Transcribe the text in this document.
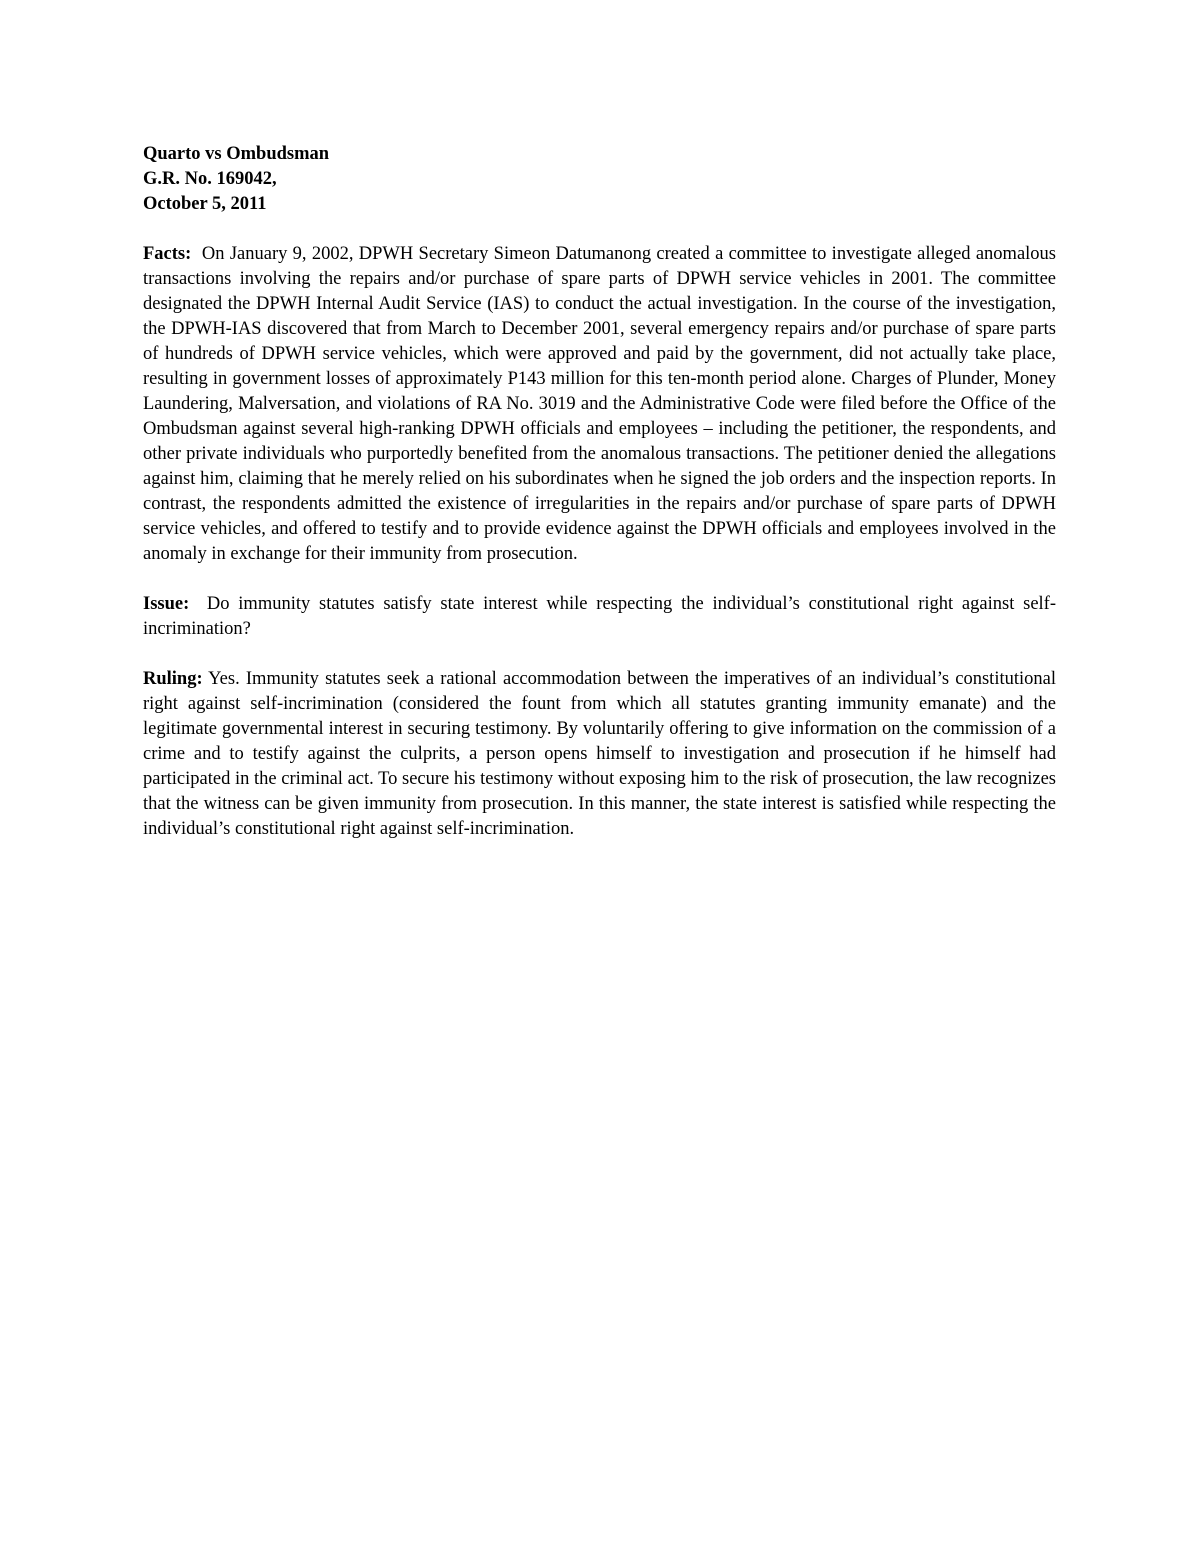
Quarto vs Ombudsman

G.R. No. 169042,

October 5, 2011

Facts: On January 9, 2002, DPWH Secretary Simeon Datumanong created a committee to investigate alleged anomalous transactions involving the repairs and/or purchase of spare parts of DPWH service vehicles in 2001. The committee designated the DPWH Internal Audit Service (IAS) to conduct the actual investigation. In the course of the investigation, the DPWH-IAS discovered that from March to December 2001, several emergency repairs and/or purchase of spare parts of hundreds of DPWH service vehicles, which were approved and paid by the government, did not actually take place, resulting in government losses of approximately P143 million for this ten-month period alone. Charges of Plunder, Money Laundering, Malversation, and violations of RA No. 3019 and the Administrative Code were filed before the Office of the Ombudsman against several high-ranking DPWH officials and employees – including the petitioner, the respondents, and other private individuals who purportedly benefited from the anomalous transactions. The petitioner denied the allegations against him, claiming that he merely relied on his subordinates when he signed the job orders and the inspection reports. In contrast, the respondents admitted the existence of irregularities in the repairs and/or purchase of spare parts of DPWH service vehicles, and offered to testify and to provide evidence against the DPWH officials and employees involved in the anomaly in exchange for their immunity from prosecution.

Issue: Do immunity statutes satisfy state interest while respecting the individual’s constitutional right against self-incrimination?

Ruling: Yes. Immunity statutes seek a rational accommodation between the imperatives of an individual’s constitutional right against self-incrimination (considered the fount from which all statutes granting immunity emanate) and the legitimate governmental interest in securing testimony. By voluntarily offering to give information on the commission of a crime and to testify against the culprits, a person opens himself to investigation and prosecution if he himself had participated in the criminal act. To secure his testimony without exposing him to the risk of prosecution, the law recognizes that the witness can be given immunity from prosecution. In this manner, the state interest is satisfied while respecting the individual’s constitutional right against self-incrimination.
